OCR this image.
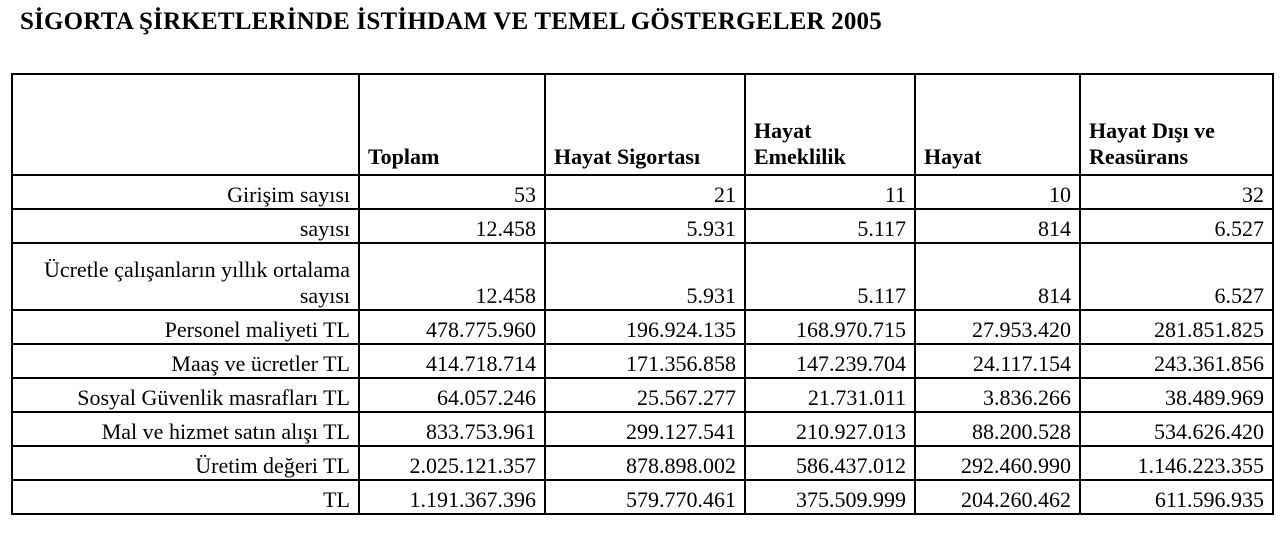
SİGORTA ŞİRKETLERİNDE İSTİHDAM VE TEMEL GÖSTERGELER 2005
	Toplam	Hayat Sigortası	Hayat Emeklilik	Hayat	Hayat Dışı ve Reasürans
Girişim sayısı	53	21	11	10	32
sayısı	12.458	5.931	5.117	814	6.527
Ücretle çalışanların yıllık ortalama sayısı	12.458	5.931	5.117	814	6.527
Personel maliyeti TL	478.775.960	196.924.135	168.970.715	27.953.420	281.851.825
Maaş ve ücretler TL	414.718.714	171.356.858	147.239.704	24.117.154	243.361.856
Sosyal Güvenlik masrafları TL	64.057.246	25.567.277	21.731.011	3.836.266	38.489.969
Mal ve hizmet satın alışı TL	833.753.961	299.127.541	210.927.013	88.200.528	534.626.420
Üretim değeri TL	2.025.121.357	878.898.002	586.437.012	292.460.990	1.146.223.355
TL	1.191.367.396	579.770.461	375.509.999	204.260.462	611.596.935
